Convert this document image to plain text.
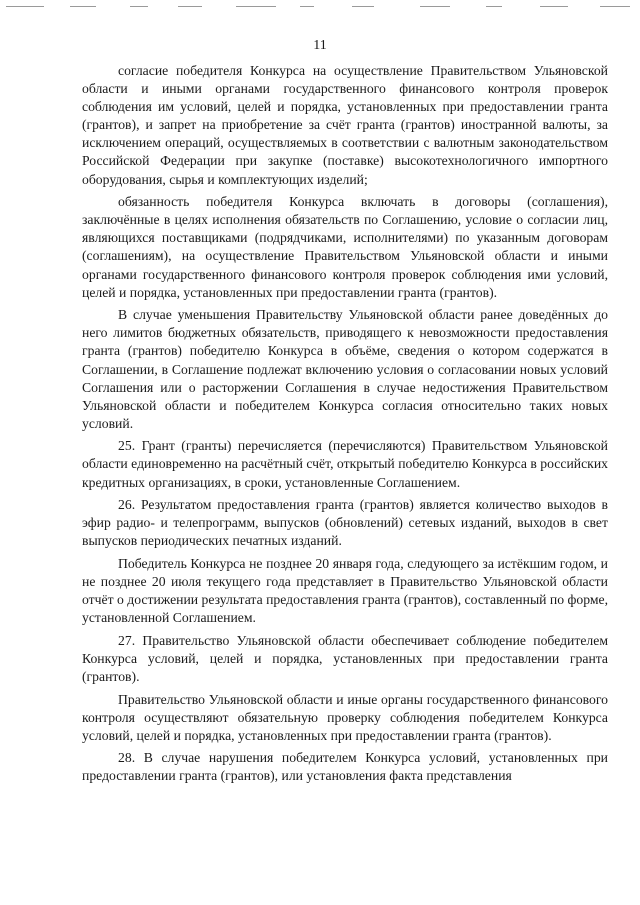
11

согласие победителя Конкурса на осуществление Правительством Ульяновской области и иными органами государственного финансового контроля проверок соблюдения им условий, целей и порядка, установленных при предоставлении гранта (грантов), и запрет на приобретение за счёт гранта (грантов) иностранной валюты, за исключением операций, осуществляемых в соответствии с валютным законодательством Российской Федерации при закупке (поставке) высокотехнологичного импортного оборудования, сырья и комплектующих изделий;

обязанность победителя Конкурса включать в договоры (соглашения), заключённые в целях исполнения обязательств по Соглашению, условие о согласии лиц, являющихся поставщиками (подрядчиками, исполнителями) по указанным договорам (соглашениям), на осуществление Правительством Ульяновской области и иными органами государственного финансового контроля проверок соблюдения ими условий, целей и порядка, установленных при предоставлении гранта (грантов).

В случае уменьшения Правительству Ульяновской области ранее доведённых до него лимитов бюджетных обязательств, приводящего к невозможности предоставления гранта (грантов) победителю Конкурса в объёме, сведения о котором содержатся в Соглашении, в Соглашение подлежат включению условия о согласовании новых условий Соглашения или о расторжении Соглашения в случае недостижения Правительством Ульяновской области и победителем Конкурса согласия относительно таких новых условий.

25. Грант (гранты) перечисляется (перечисляются) Правительством Ульяновской области единовременно на расчётный счёт, открытый победителю Конкурса в российских кредитных организациях, в сроки, установленные Соглашением.

26. Результатом предоставления гранта (грантов) является количество выходов в эфир радио- и телепрограмм, выпусков (обновлений) сетевых изданий, выходов в свет выпусков периодических печатных изданий.

Победитель Конкурса не позднее 20 января года, следующего за истёкшим годом, и не позднее 20 июля текущего года представляет в Правительство Ульяновской области отчёт о достижении результата предоставления гранта (грантов), составленный по форме, установленной Соглашением.

27. Правительство Ульяновской области обеспечивает соблюдение победителем Конкурса условий, целей и порядка, установленных при предоставлении гранта (грантов).

Правительство Ульяновской области и иные органы государственного финансового контроля осуществляют обязательную проверку соблюдения победителем Конкурса условий, целей и порядка, установленных при предоставлении гранта (грантов).

28. В случае нарушения победителем Конкурса условий, установленных при предоставлении гранта (грантов), или установления факта представления
